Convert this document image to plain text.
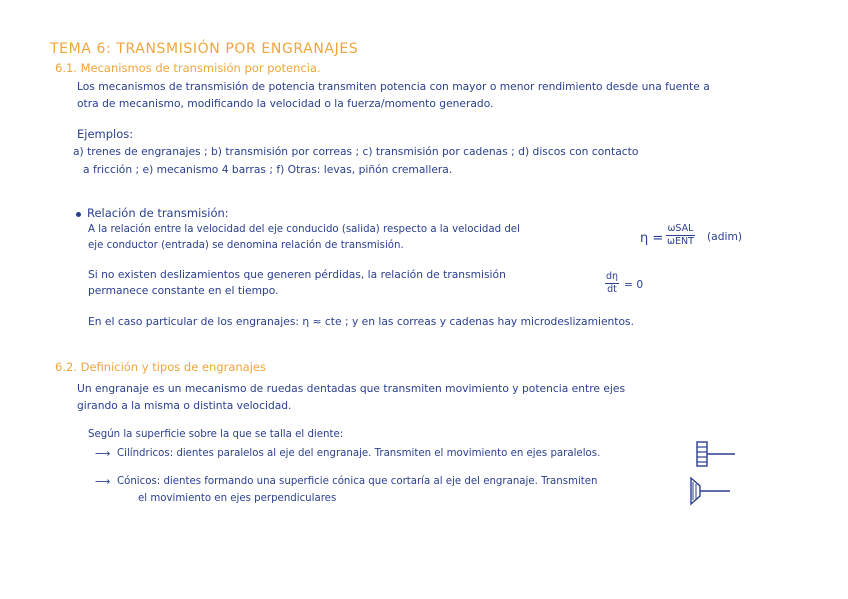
TEMA 6: TRANSMISIÓN POR ENGRANAJES
6.1. Mecanismos de transmisión por potencia.
Los mecanismos de transmisión de potencia transmiten potencia con mayor o menor rendimiento desde una fuente a
otra de mecanismo, modificando la velocidad o la fuerza/momento generado.
Ejemplos:
a) trenes de engranajes ; b) transmisión por correas ; c) transmisión por cadenas ; d) discos con contacto
a fricción ; e) mecanismo 4 barras ; f) Otras: levas, piñón cremallera.
Relación de transmisión:
A la relación entre la velocidad del eje conducido (salida) respecto a la velocidad del
eje conductor (entrada) se denomina relación de transmisión.	η =
ωSAL
ωENT (adim)
Si no existen deslizamientos que generen pérdidas, la relación de transmisión
permanece constante en el tiempo.
dη
dt = 0
En el caso particular de los engranajes: η ≈ cte ; y en las correas y cadenas hay microdeslizamientos.
6.2. Definición y tipos de engranajes
Un engranaje es un mecanismo de ruedas dentadas que transmiten movimiento y potencia entre ejes
girando a la misma o distinta velocidad.
Según la superficie sobre la que se talla el diente:
⟶ Cilíndricos: dientes paralelos al eje del engranaje. Transmiten el movimiento en ejes paralelos.
⟶ Cónicos: dientes formando una superficie cónica que cortaría al eje del engranaje. Transmiten
el movimiento en ejes perpendiculares
